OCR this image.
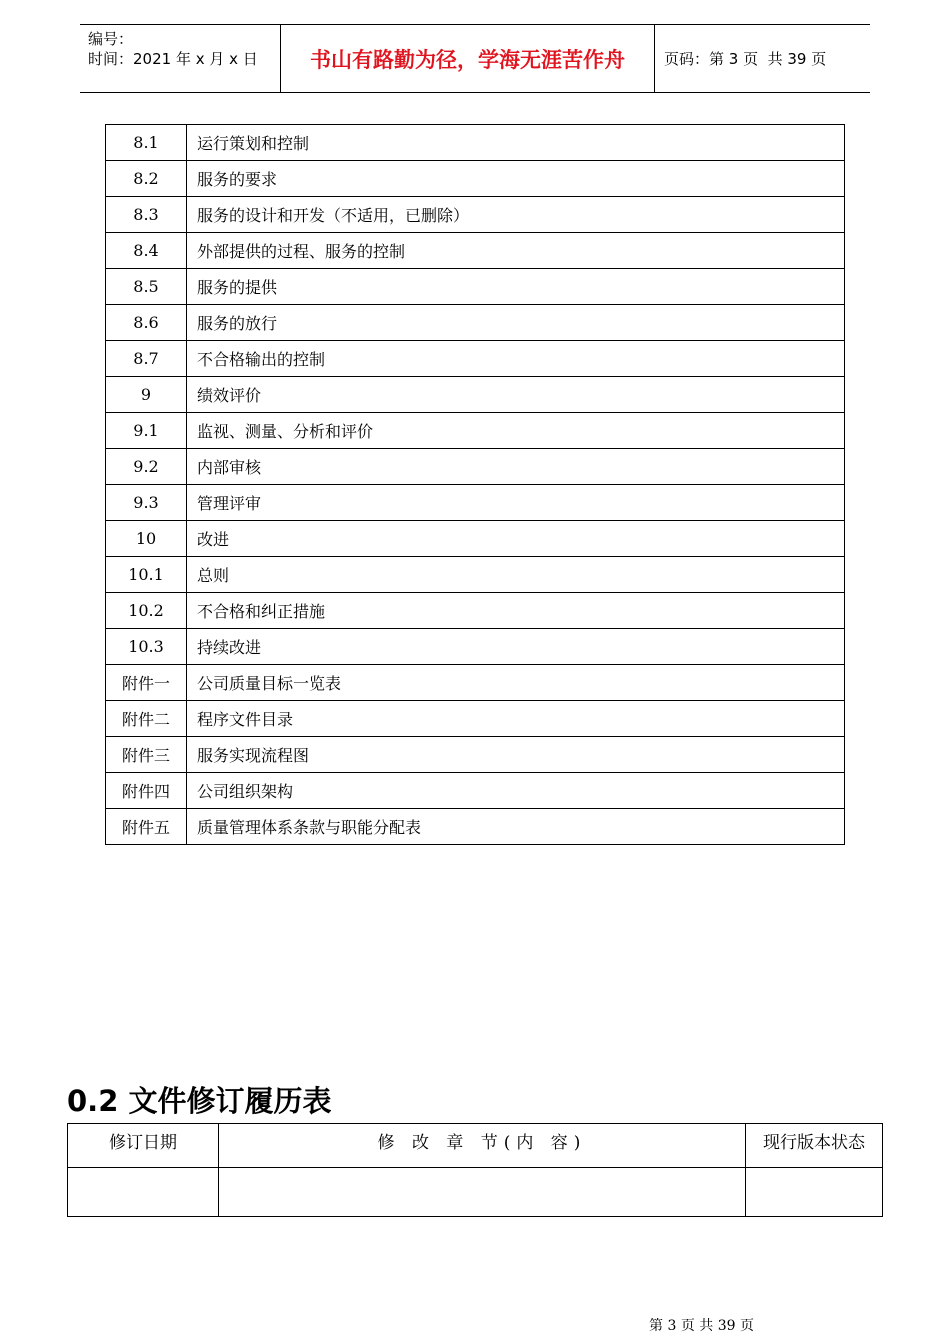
编号：
时间：2021 年 x 月 x 日	书山有路勤为径，学海无涯苦作舟	页码：第 3 页  共 39 页
8.1	运行策划和控制
8.2	服务的要求
8.3	服务的设计和开发（不适用，已删除）
8.4	外部提供的过程、服务的控制
8.5	服务的提供
8.6	服务的放行
8.7	不合格输出的控制
9	绩效评价
9.1	监视、测量、分析和评价
9.2	内部审核
9.3	管理评审
10	改进
10.1	总则
10.2	不合格和纠正措施
10.3	持续改进
附件一	公司质量目标一览表
附件二	程序文件目录
附件三	服务实现流程图
附件四	公司组织架构
附件五	质量管理体系条款与职能分配表
0.2 文件修订履历表
修订日期	修 改 章 节(内 容)	现行版本状态

第 3 页 共 39 页
